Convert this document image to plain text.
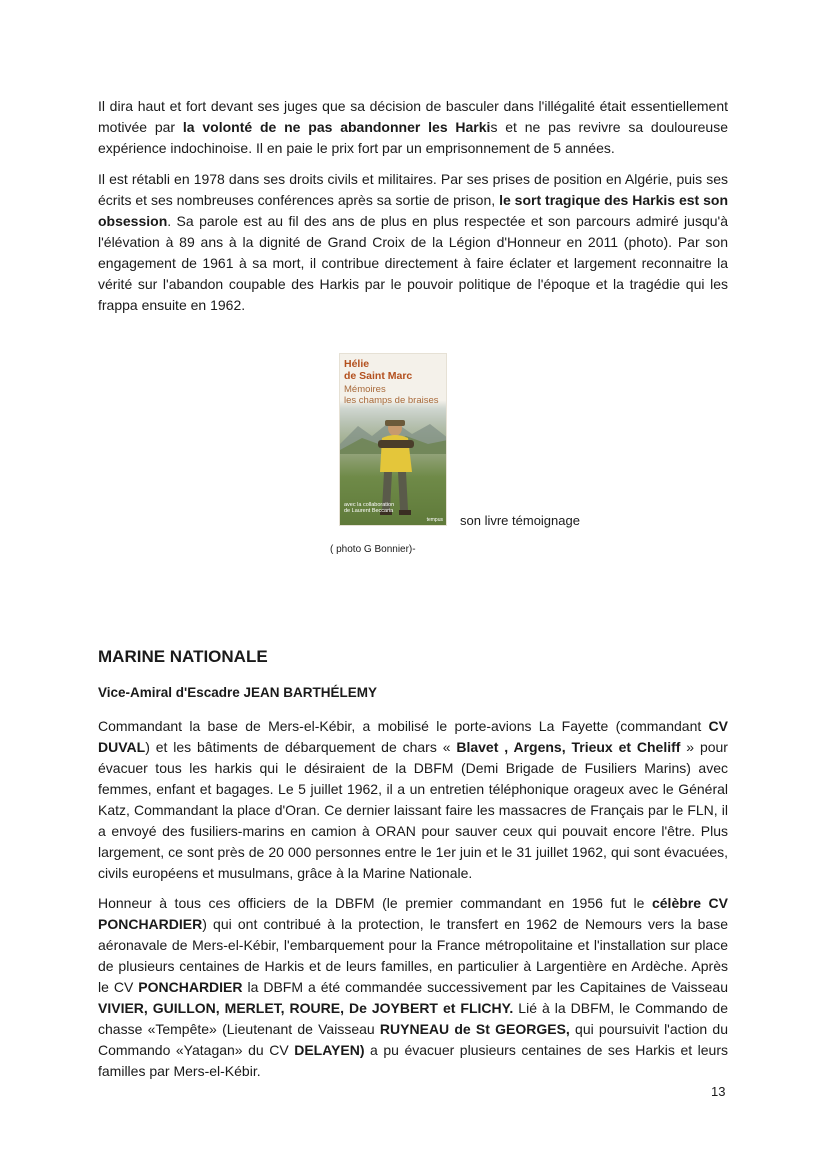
Il dira haut et fort devant ses juges que sa décision de basculer dans l'illégalité était essentiellement motivée par la volonté de ne pas abandonner les Harkis et ne pas revivre sa douloureuse expérience indochinoise. Il en paie le prix fort par un emprisonnement de 5 années.

Il est rétabli en 1978 dans ses droits civils et militaires. Par ses prises de position en Algérie, puis ses écrits et ses nombreuses conférences après sa sortie de prison, le sort tragique des Harkis est son obsession. Sa parole est au fil des ans de plus en plus respectée et son parcours admiré jusqu'à l'élévation à 89 ans à la dignité de Grand Croix de la Légion d'Honneur en 2011 (photo). Par son engagement de 1961 à sa mort, il contribue directement à faire éclater et largement reconnaitre la vérité sur l'abandon coupable des Harkis par le pouvoir politique de l'époque et la tragédie qui les frappa ensuite en 1962.

Hélie
de Saint Marc
Mémoires
les champs de braises
avec la collaboration
de Laurent Beccaria
tempus son livre témoignage
( photo G Bonnier)-
MARINE NATIONALE
Vice-Amiral d'Escadre JEAN BARTHÉLEMY

Commandant la base de Mers-el-Kébir, a mobilisé le porte-avions La Fayette (commandant CV DUVAL) et les bâtiments de débarquement de chars « Blavet , Argens, Trieux et Cheliff » pour évacuer tous les harkis qui le désiraient de la DBFM (Demi Brigade de Fusiliers Marins) avec femmes, enfant et bagages. Le 5 juillet 1962, il a un entretien téléphonique orageux avec le Général Katz, Commandant la place d'Oran. Ce dernier laissant faire les massacres de Français par le FLN, il a envoyé des fusiliers-marins en camion à ORAN pour sauver ceux qui pouvait encore l'être. Plus largement, ce sont près de 20 000 personnes entre le 1er juin et le 31 juillet 1962, qui sont évacuées, civils européens et musulmans, grâce à la Marine Nationale.

Honneur à tous ces officiers de la DBFM (le premier commandant en 1956 fut le célèbre CV PONCHARDIER) qui ont contribué à la protection, le transfert en 1962 de Nemours vers la base aéronavale de Mers-el-Kébir, l'embarquement pour la France métropolitaine et l'installation sur place de plusieurs centaines de Harkis et de leurs familles, en particulier à Largentière en Ardèche. Après le CV PONCHARDIER la DBFM a été commandée successivement par les Capitaines de Vaisseau VIVIER, GUILLON, MERLET, ROURE, De JOYBERT et FLICHY. Lié à la DBFM, le Commando de chasse «Tempête» (Lieutenant de Vaisseau RUYNEAU de St GEORGES, qui poursuivit l'action du Commando «Yatagan» du CV DELAYEN) a pu évacuer plusieurs centaines de ses Harkis et leurs familles par Mers-el-Kébir.

13
